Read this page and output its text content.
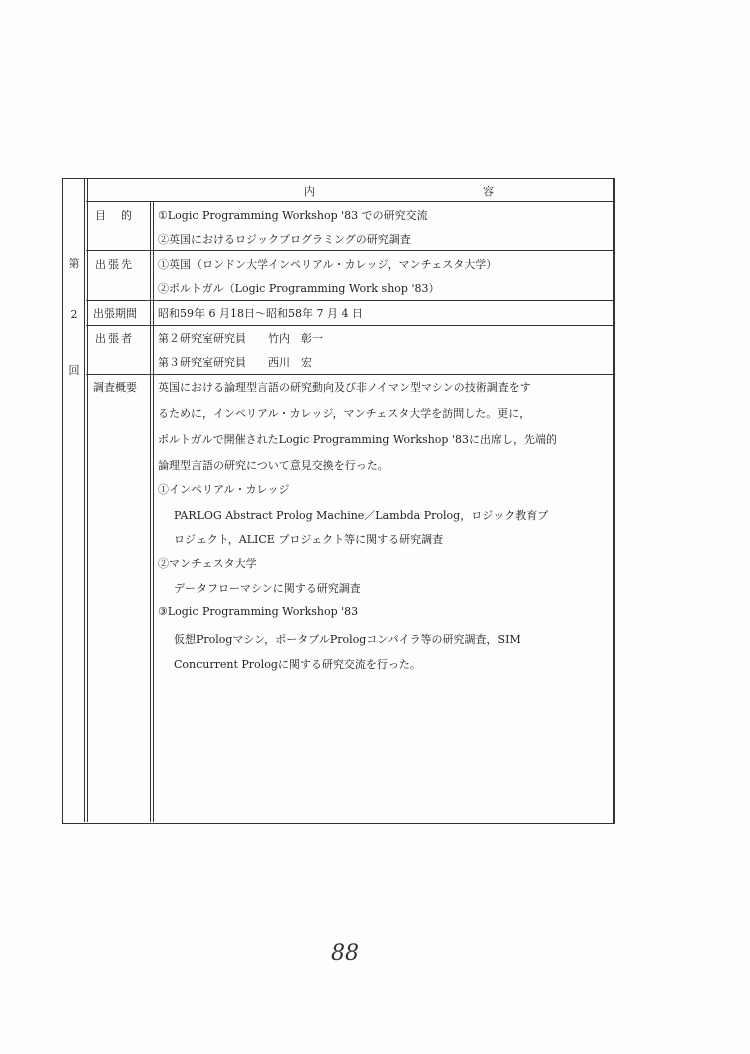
内	容
第
2
回
目　的 ①Logic Programming Workshop '83 での研究交流
②英国におけるロジックプログラミングの研究調査
出張先 ①英国（ロンドン大学インペリアル・カレッジ，マンチェスタ大学）
②ポルトガル（Logic Programming Work shop '83）
出張期間 昭和59年 6 月18日～昭和58年 7 月 4 日
出張者 第２研究室研究員　　竹内　彰一
第３研究室研究員　　西川　宏
調査概要 英国における論理型言語の研究動向及び非ノイマン型マシンの技術調査をす
るために，インペリアル・カレッジ，マンチェスタ大学を訪問した。更に，
ポルトガルで開催されたLogic Programming Workshop '83に出席し，先端的
論理型言語の研究について意見交換を行った。
①インペリアル・カレッジ
PARLOG Abstract Prolog Machine／Lambda Prolog，ロジック教育プ
ロジェクト，ALICE プロジェクト等に関する研究調査
②マンチェスタ大学
データフローマシンに関する研究調査
③Logic Programming Workshop '83
仮想Prologマシン，ポータブルPrologコンパイラ等の研究調査，SIM
Concurrent Prologに関する研究交流を行った。
88
